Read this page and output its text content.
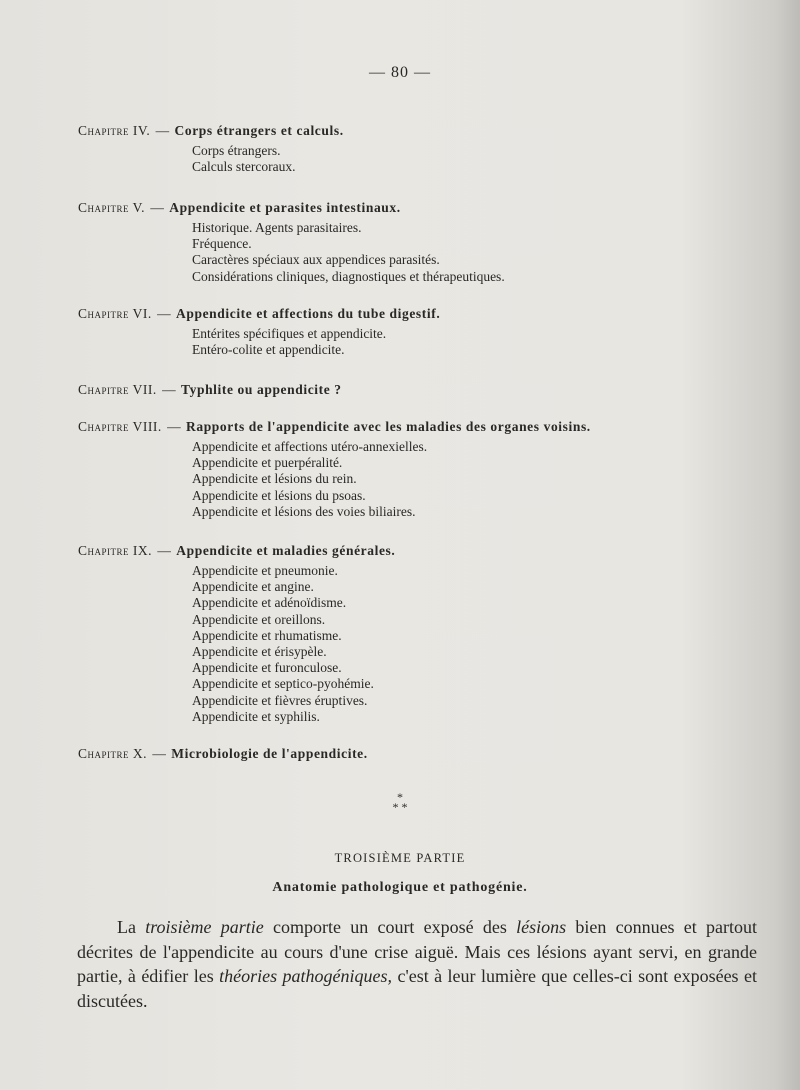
— 80 —
Chapitre IV. — Corps étrangers et calculs.
Corps étrangers.
Calculs stercoraux.
Chapitre V. — Appendicite et parasites intestinaux.
Historique. Agents parasitaires.
Fréquence.
Caractères spéciaux aux appendices parasités.
Considérations cliniques, diagnostiques et thérapeutiques.
Chapitre VI. — Appendicite et affections du tube digestif.
Entérites spécifiques et appendicite.
Entéro-colite et appendicite.
Chapitre VII. — Typhlite ou appendicite ?
Chapitre VIII. — Rapports de l'appendicite avec les maladies des organes voisins.
Appendicite et affections utéro-annexielles.
Appendicite et puerpéralité.
Appendicite et lésions du rein.
Appendicite et lésions du psoas.
Appendicite et lésions des voies biliaires.
Chapitre IX. — Appendicite et maladies générales.
Appendicite et pneumonie.
Appendicite et angine.
Appendicite et adénoïdisme.
Appendicite et oreillons.
Appendicite et rhumatisme.
Appendicite et érisypèle.
Appendicite et furonculose.
Appendicite et septico-pyohémie.
Appendicite et fièvres éruptives.
Appendicite et syphilis.
Chapitre X. — Microbiologie de l'appendicite.
*
* *
TROISIÈME PARTIE
Anatomie pathologique et pathogénie.

La troisième partie comporte un court exposé des lésions bien connues et partout décrites de l'appendicite au cours d'une crise aiguë. Mais ces lésions ayant servi, en grande partie, à édifier les théories pathogéniques, c'est à leur lumière que celles-ci sont exposées et discutées.
